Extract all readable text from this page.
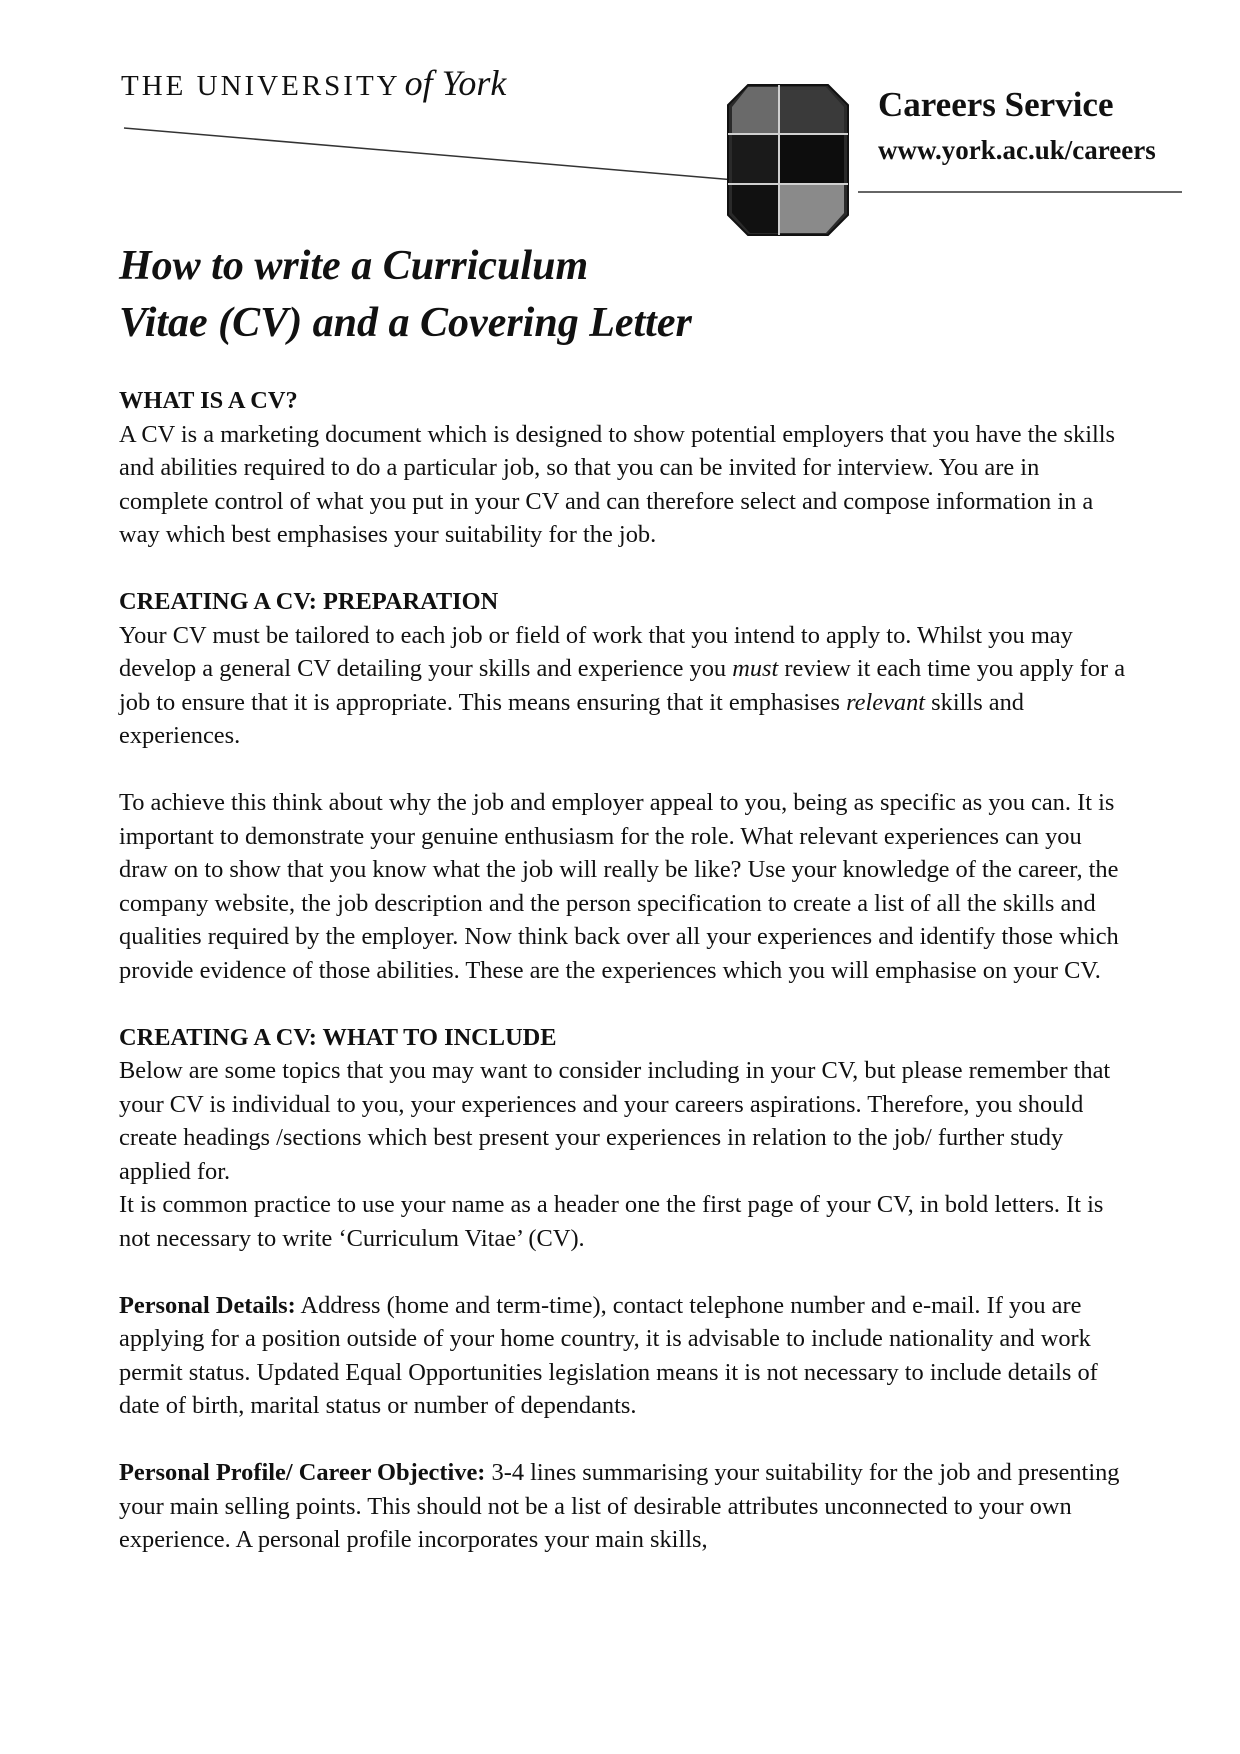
THE UNIVERSITY of York
Careers Service
www.york.ac.uk/careers
How to write a Curriculum
Vitae (CV) and a Covering Letter
WHAT IS A CV?

A CV is a marketing document which is designed to show potential employers that you have the skills and abilities required to do a particular job, so that you can be invited for interview. You are in complete control of what you put in your CV and can therefore select and compose information in a way which best emphasises your suitability for the job.

CREATING A CV: PREPARATION

Your CV must be tailored to each job or field of work that you intend to apply to. Whilst you may develop a general CV detailing your skills and experience you must review it each time you apply for a job to ensure that it is appropriate. This means ensuring that it emphasises relevant skills and experiences.

To achieve this think about why the job and employer appeal to you, being as specific as you can. It is important to demonstrate your genuine enthusiasm for the role. What relevant experiences can you draw on to show that you know what the job will really be like? Use your knowledge of the career, the company website, the job description and the person specification to create a list of all the skills and qualities required by the employer. Now think back over all your experiences and identify those which provide evidence of those abilities. These are the experiences which you will emphasise on your CV.

CREATING A CV: WHAT TO INCLUDE

Below are some topics that you may want to consider including in your CV, but please remember that your CV is individual to you, your experiences and your careers aspirations. Therefore, you should create headings /sections which best present your experiences in relation to the job/ further study applied for.

It is common practice to use your name as a header one the first page of your CV, in bold letters. It is not necessary to write ‘Curriculum Vitae’ (CV).

Personal Details: Address (home and term-time), contact telephone number and e-mail. If you are applying for a position outside of your home country, it is advisable to include nationality and work permit status. Updated Equal Opportunities legislation means it is not necessary to include details of date of birth, marital status or number of dependants.

Personal Profile/ Career Objective: 3-4 lines summarising your suitability for the job and presenting your main selling points. This should not be a list of desirable attributes unconnected to your own experience. A personal profile incorporates your main skills,
